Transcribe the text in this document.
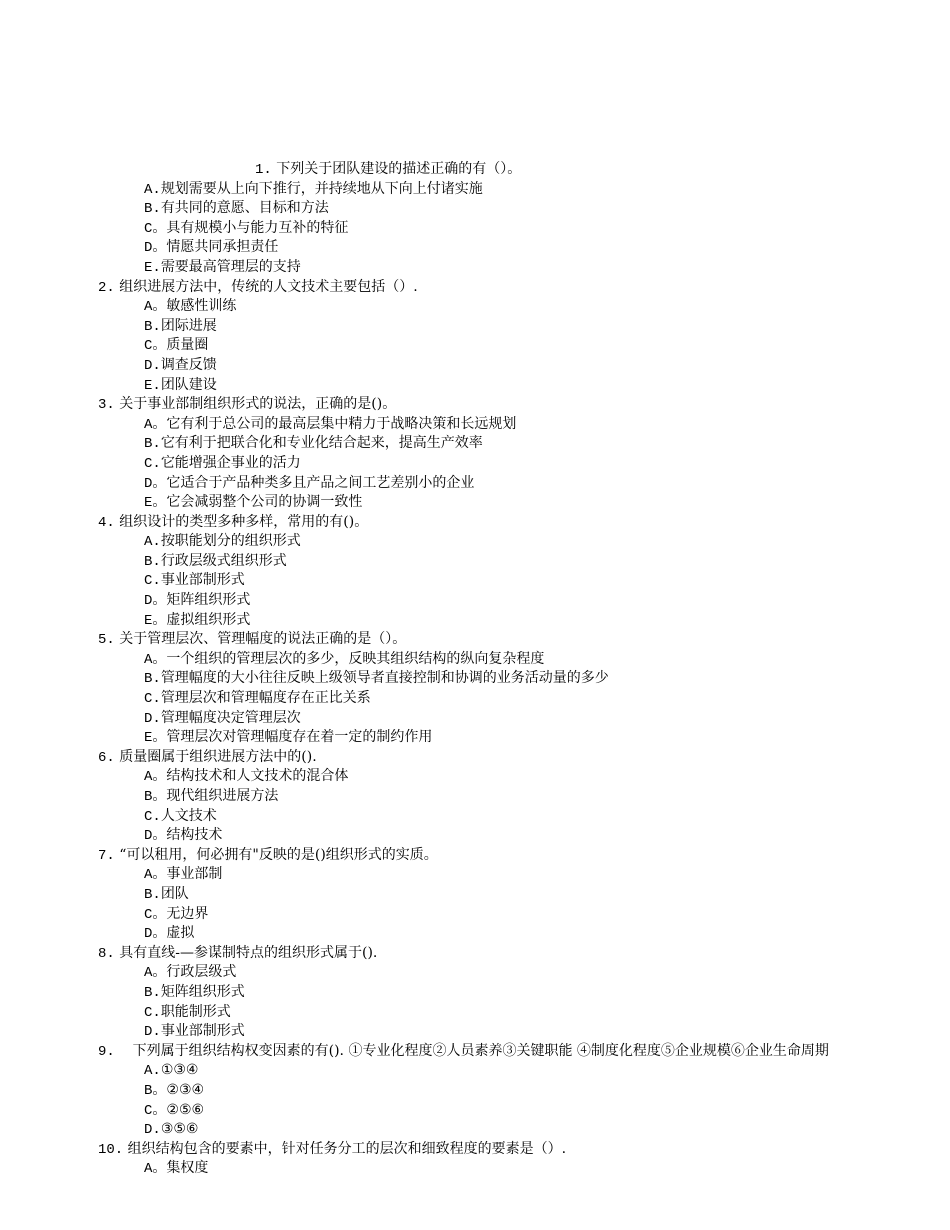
1. 下列关于团队建设的描述正确的有（）。
A.规划需要从上向下推行，并持续地从下向上付诸实施
B.有共同的意愿、目标和方法
C。具有规模小与能力互补的特征
D。情愿共同承担责任
E.需要最高管理层的支持
2. 组织进展方法中，传统的人文技术主要包括（）.
A。敏感性训练
B.团际进展
C。质量圈
D.调查反馈
E.团队建设
3. 关于事业部制组织形式的说法，正确的是()。
A。它有利于总公司的最高层集中精力于战略决策和长远规划
B.它有利于把联合化和专业化结合起来，提高生产效率
C.它能增强企事业的活力
D。它适合于产品种类多且产品之间工艺差别小的企业
E。它会减弱整个公司的协调一致性
4. 组织设计的类型多种多样，常用的有()。
A.按职能划分的组织形式
B.行政层级式组织形式
C.事业部制形式
D。矩阵组织形式
E。虚拟组织形式
5. 关于管理层次、管理幅度的说法正确的是（）。
A。一个组织的管理层次的多少，反映其组织结构的纵向复杂程度
B.管理幅度的大小往往反映上级领导者直接控制和协调的业务活动量的多少
C.管理层次和管理幅度存在正比关系
D.管理幅度决定管理层次
E。管理层次对管理幅度存在着一定的制约作用
6. 质量圈属于组织进展方法中的().
A。结构技术和人文技术的混合体
B。现代组织进展方法
C.人文技术
D。结构技术
7. “可以租用，何必拥有"反映的是()组织形式的实质。
A。事业部制
B.团队
C。无边界
D。虚拟
8. 具有直线-—参谋制特点的组织形式属于().
A。行政层级式
B.矩阵组织形式
C.职能制形式
D.事业部制形式
9. 下列属于组织结构权变因素的有(). ①专业化程度②人员素养③关键职能 ④制度化程度⑤企业规模⑥企业生命周期
A.①③④
B。②③④
C。②⑤⑥
D.③⑤⑥
10. 组织结构包含的要素中，针对任务分工的层次和细致程度的要素是（）.
A。集权度
